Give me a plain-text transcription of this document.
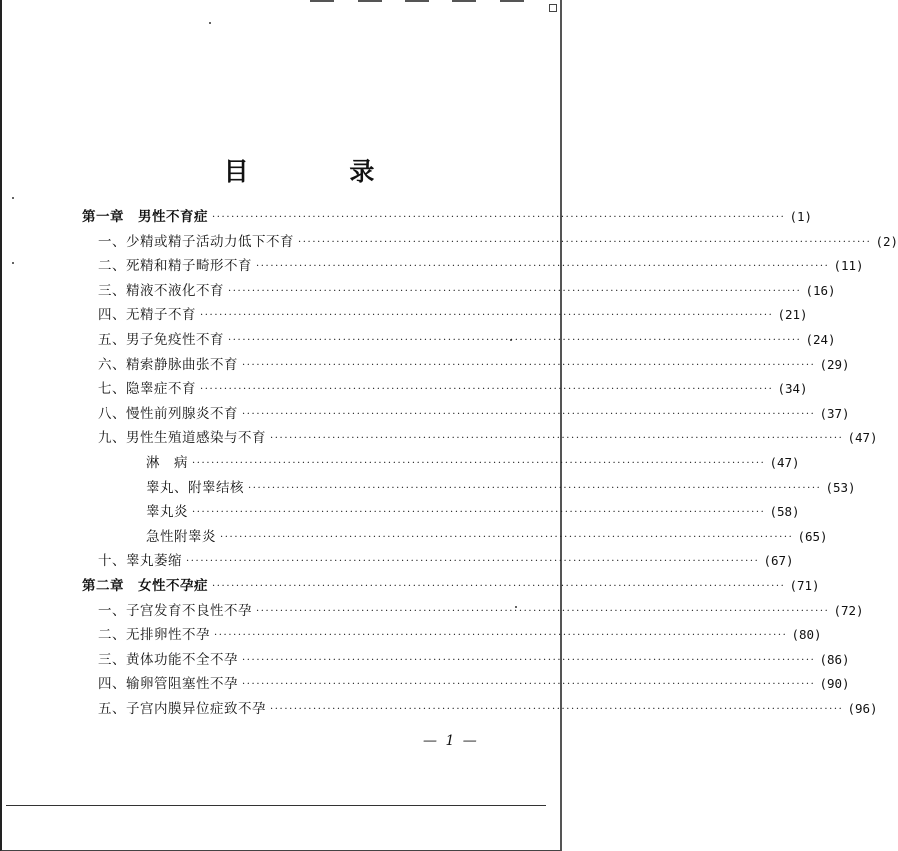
目 录
第一章　男性不育症 ························································································································ (1)
一、少精或精子活动力低下不育 ························································································································ (2)
二、死精和精子畸形不育 ························································································································ (11)
三、精液不液化不育 ························································································································ (16)
四、无精子不育 ························································································································ (21)
五、男子免疫性不育 ························································································································ (24)
六、精索静脉曲张不育 ························································································································ (29)
七、隐睾症不育 ························································································································ (34)
八、慢性前列腺炎不育 ························································································································ (37)
九、男性生殖道感染与不育 ························································································································ (47)
淋　病 ························································································································ (47)
睾丸、附睾结核 ························································································································ (53)
睾丸炎 ························································································································ (58)
急性附睾炎 ························································································································ (65)
十、睾丸萎缩 ························································································································ (67)
第二章　女性不孕症 ························································································································ (71)
一、子宫发育不良性不孕 ························································································································ (72)
二、无排卵性不孕 ························································································································ (80)
三、黄体功能不全不孕 ························································································································ (86)
四、输卵管阻塞性不孕 ························································································································ (90)
五、子宫内膜异位症致不孕 ························································································································ (96)
— 1 —
